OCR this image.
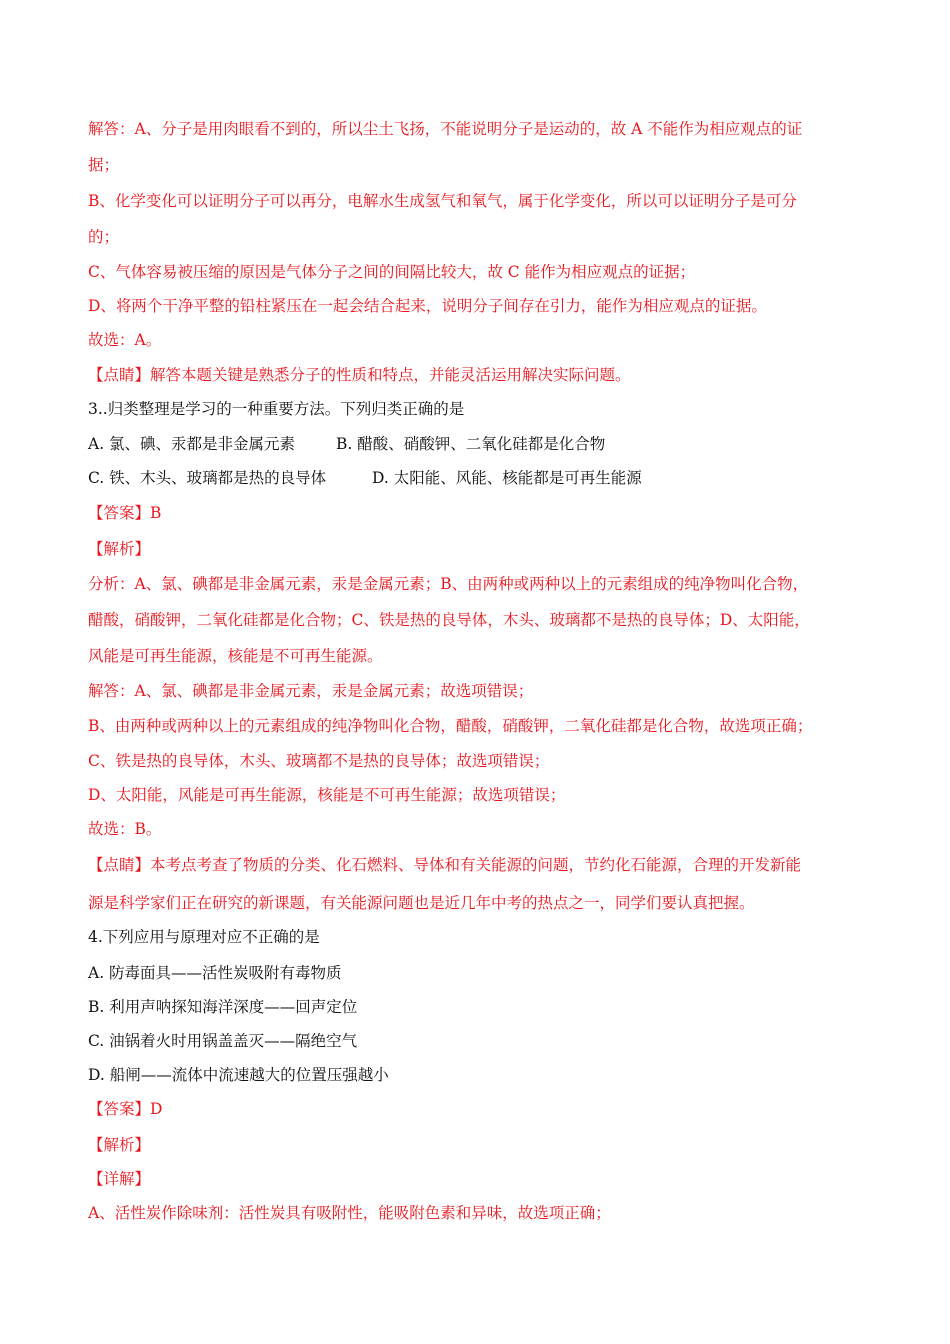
解答：A、分子是用肉眼看不到的，所以尘土飞扬，不能说明分子是运动的，故 A 不能作为相应观点的证

据；

B、化学变化可以证明分子可以再分，电解水生成氢气和氧气，属于化学变化，所以可以证明分子是可分

的；

C、气体容易被压缩的原因是气体分子之间的间隔比较大，故 C 能作为相应观点的证据；

D、将两个干净平整的铅柱紧压在一起会结合起来，说明分子间存在引力，能作为相应观点的证据。

故选：A。

【点睛】解答本题关键是熟悉分子的性质和特点，并能灵活运用解决实际问题。

3..归类整理是学习的一种重要方法。下列归类正确的是

A. 氯、碘、汞都是非金属元素	B. 醋酸、硝酸钾、二氧化硅都是化合物
C. 铁、木头、玻璃都是热的良导体	D. 太阳能、风能、核能都是可再生能源

【答案】B

【解析】

分析：A、氯、碘都是非金属元素，汞是金属元素；B、由两种或两种以上的元素组成的纯净物叫化合物，

醋酸，硝酸钾，二氧化硅都是化合物；C、铁是热的良导体，木头、玻璃都不是热的良导体；D、太阳能，

风能是可再生能源，核能是不可再生能源。

解答：A、氯、碘都是非金属元素，汞是金属元素；故选项错误；

B、由两种或两种以上的元素组成的纯净物叫化合物，醋酸，硝酸钾，二氧化硅都是化合物，故选项正确；

C、铁是热的良导体，木头、玻璃都不是热的良导体；故选项错误；

D、太阳能，风能是可再生能源，核能是不可再生能源；故选项错误；

故选：B。

【点睛】本考点考查了物质的分类、化石燃料、导体和有关能源的问题，节约化石能源，合理的开发新能

源是科学家们正在研究的新课题，有关能源问题也是近几年中考的热点之一，同学们要认真把握。

4.下列应用与原理对应不正确的是

A. 防毒面具——活性炭吸附有毒物质

B. 利用声呐探知海洋深度——回声定位

C. 油锅着火时用锅盖盖灭——隔绝空气

D. 船闸——流体中流速越大的位置压强越小

【答案】D

【解析】

【详解】

A、活性炭作除味剂：活性炭具有吸附性，能吸附色素和异味，故选项正确；
